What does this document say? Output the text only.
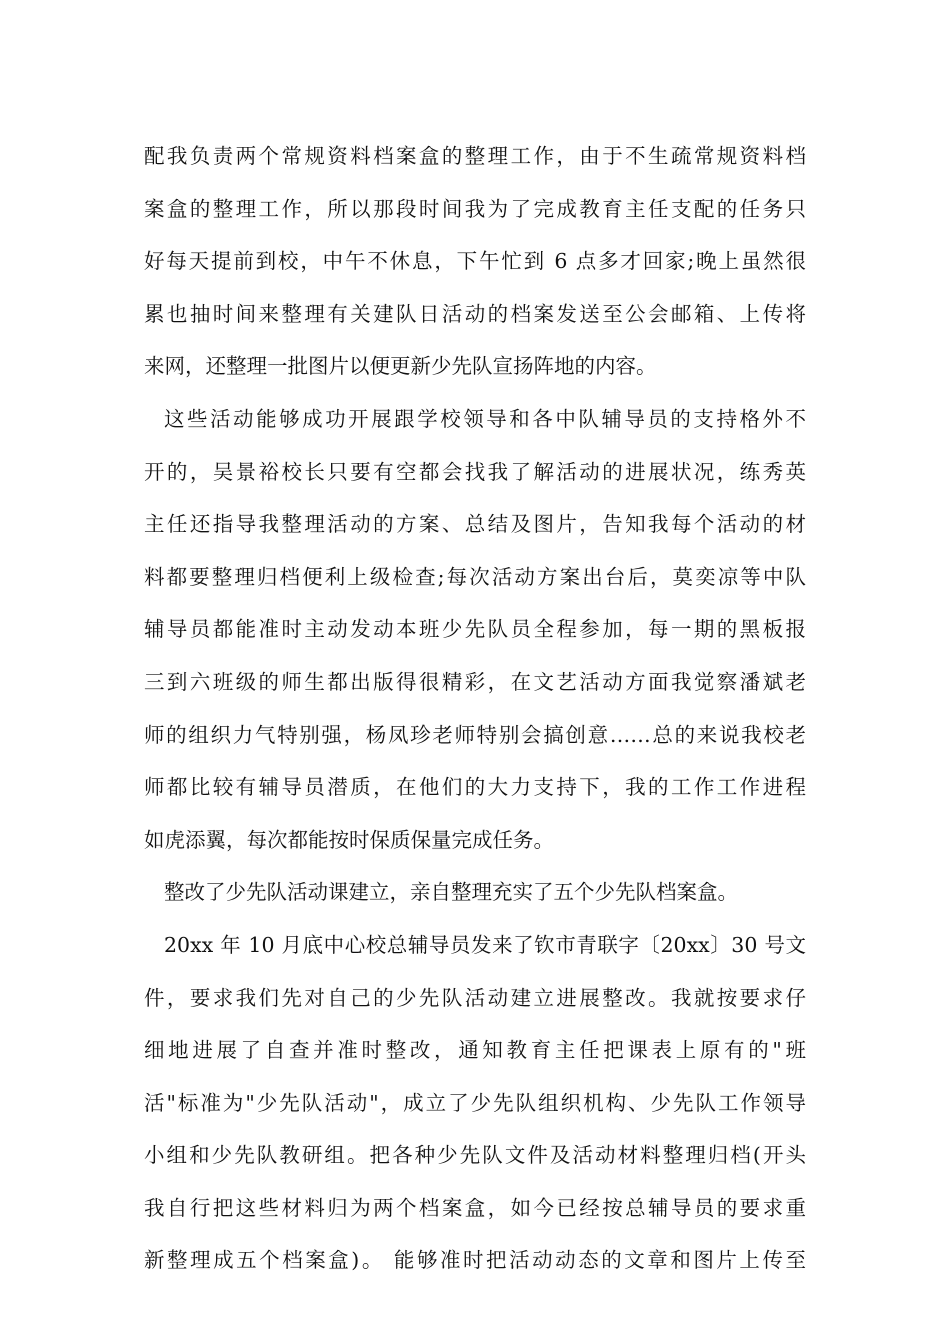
配我负责两个常规资料档案盒的整理工作，由于不生疏常规资料档
案盒的整理工作，所以那段时间我为了完成教育主任支配的任务只
好每天提前到校，中午不休息，下午忙到 6 点多才回家;晚上虽然很
累也抽时间来整理有关建队日活动的档案发送至公会邮箱、上传将
来网，还整理一批图片以便更新少先队宣扬阵地的内容。
这些活动能够成功开展跟学校领导和各中队辅导员的支持格外不
开的，吴景裕校长只要有空都会找我了解活动的进展状况，练秀英
主任还指导我整理活动的方案、总结及图片，告知我每个活动的材
料都要整理归档便利上级检查;每次活动方案出台后，莫奕凉等中队
辅导员都能准时主动发动本班少先队员全程参加，每一期的黑板报
三到六班级的师生都出版得很精彩，在文艺活动方面我觉察潘斌老
师的组织力气特别强，杨凤珍老师特别会搞创意……总的来说我校老
师都比较有辅导员潜质，在他们的大力支持下，我的工作工作进程
如虎添翼，每次都能按时保质保量完成任务。
整改了少先队活动课建立，亲自整理充实了五个少先队档案盒。
20xx 年 10 月底中心校总辅导员发来了钦市青联字〔20xx〕30 号文
件，要求我们先对自己的少先队活动建立进展整改。我就按要求仔
细地进展了自查并准时整改，通知教育主任把课表上原有的"班
活"标准为"少先队活动"，成立了少先队组织机构、少先队工作领导
小组和少先队教研组。把各种少先队文件及活动材料整理归档(开头
我自行把这些材料归为两个档案盒，如今已经按总辅导员的要求重
新整理成五个档案盒)。 能够准时把活动动态的文章和图片上传至
